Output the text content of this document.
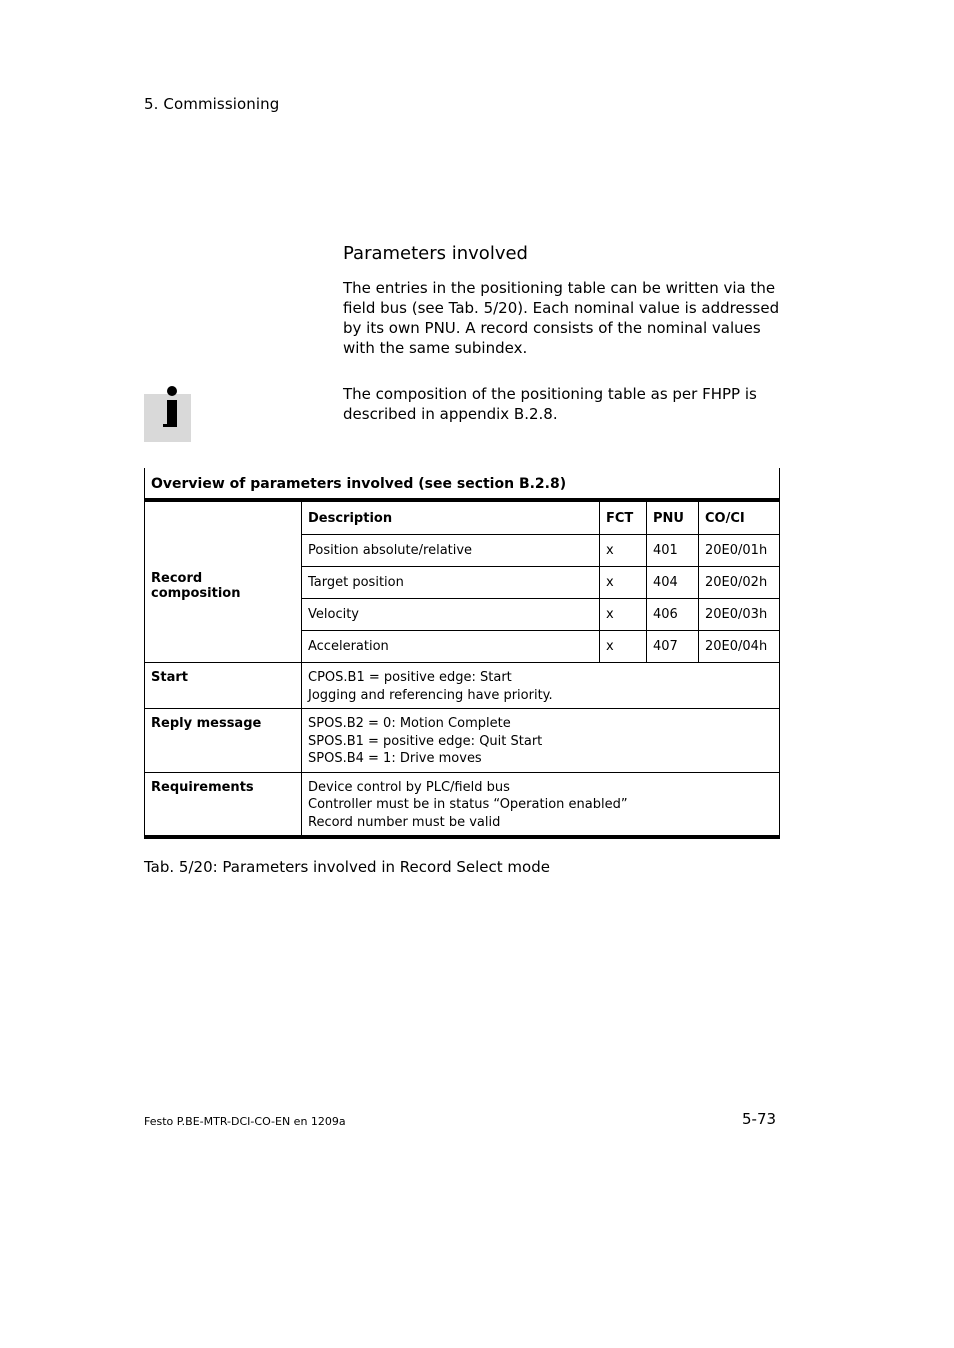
5. Commissioning
Parameters involved
The entries in the positioning table can be written via the field bus (see Tab. 5/20). Each nominal value is addressed by its own PNU. A record consists of the nominal values with the same subindex.
The composition of the positioning table as per FHPP is described in appendix B.2.8.
Overview of parameters involved (see section B.2.8)				
Record composition	Description	FCT	PNU	CO/CI
	Position absolute/relative	x	401	20E0/01h
	Target position	x	404	20E0/02h
	Velocity	x	406	20E0/03h
	Acceleration	x	407	20E0/04h
Start	CPOS.B1 = positive edge: Start
Jogging and referencing have priority.			

Reply message	SPOS.B2 = 0: Motion Complete
SPOS.B1 = positive edge: Quit Start
SPOS.B4 = 1: Drive moves			

Requirements	Device control by PLC/field bus
Controller must be in status “Operation enabled”
Record number must be valid			
Tab. 5/20: Parameters involved in Record Select mode
Festo P.BE-MTR-DCI-CO-EN en 1209a	5-73
